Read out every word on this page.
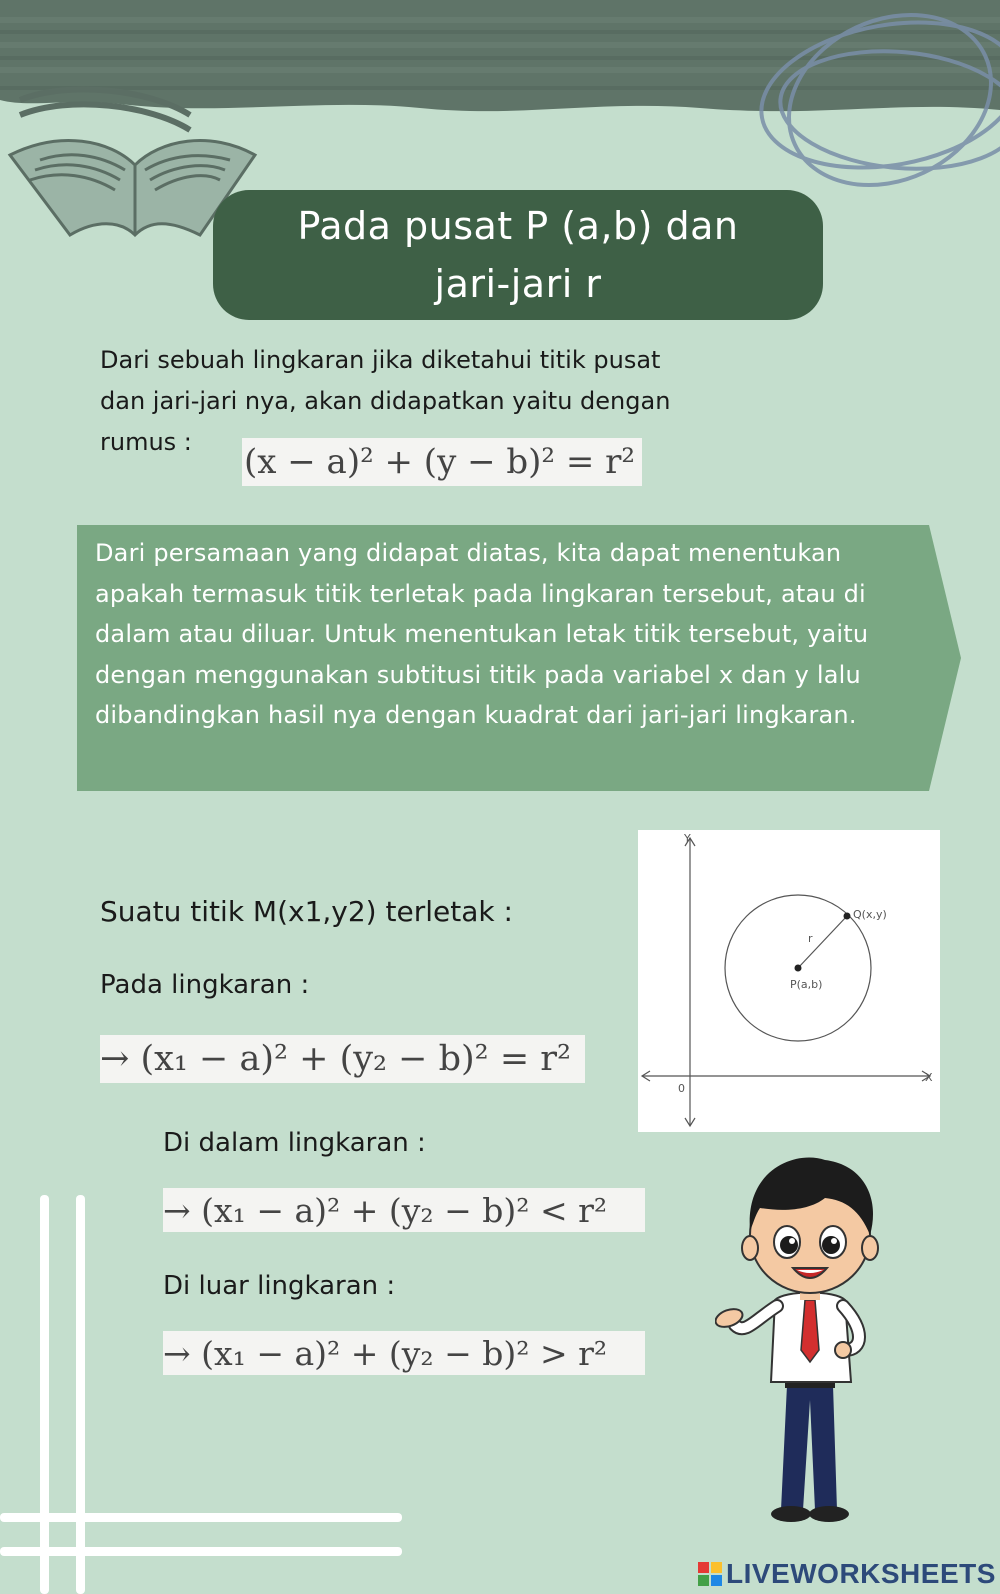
Pada pusat P (a,b) dan
jari-jari r
Dari sebuah lingkaran jika diketahui titik pusat
dan jari-jari nya, akan didapatkan yaitu dengan
rumus :	(x − a)² + (y − b)² = r²
Dari persamaan yang didapat diatas, kita dapat menentukan apakah termasuk titik terletak pada lingkaran tersebut, atau di dalam atau diluar. Untuk menentukan letak titik tersebut, yaitu dengan menggunakan subtitusi titik pada variabel x dan y lalu dibandingkan hasil nya dengan kuadrat dari jari-jari lingkaran.
Suatu titik M(x1,y2) terletak :
Pada lingkaran :
→ (x₁ − a)² + (y₂ − b)² = r²
Di dalam lingkaran :
→ (x₁ − a)² + (y₂ − b)² < r²
Di luar lingkaran :
→ (x₁ − a)² + (y₂ − b)² > r²
Y
X
0
P(a,b)
Q(x,y)
r
LIVEWORKSHEETS
